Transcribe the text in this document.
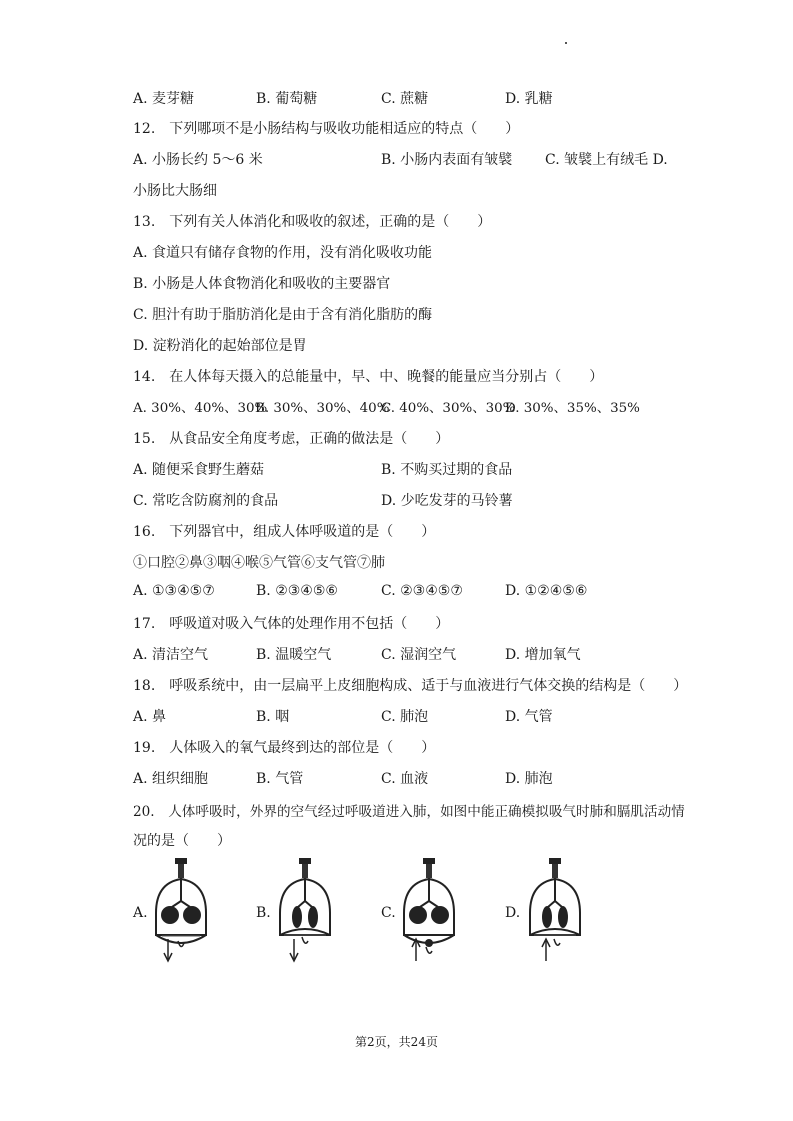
A. 麦芽糖	B. 葡萄糖	C. 蔗糖	D. 乳糖
12.　下列哪项不是小肠结构与吸收功能相适应的特点（　　）
A. 小肠长约 5～6 米	B. 小肠内表面有皱襞 C. 皱襞上有绒毛 D.
小肠比大肠细
13.　下列有关人体消化和吸收的叙述，正确的是（　　）
A. 食道只有储存食物的作用，没有消化吸收功能
B. 小肠是人体食物消化和吸收的主要器官
C. 胆汁有助于脂肪消化是由于含有消化脂肪的酶
D. 淀粉消化的起始部位是胃
14.　在人体每天摄入的总能量中，早、中、晚餐的能量应当分别占（　　）
A. 30%、40%、30%
B. 30%、30%、40%
C. 40%、30%、30%
D. 30%、35%、35%
15.　从食品安全角度考虑，正确的做法是（　　）
A. 随便采食野生蘑菇	B. 不购买过期的食品
C. 常吃含防腐剂的食品	D. 少吃发芽的马铃薯
16.　下列器官中，组成人体呼吸道的是（　　）
①口腔②鼻③咽④喉⑤气管⑥支气管⑦肺
A. ①③④⑤⑦	B. ②③④⑤⑥	C. ②③④⑤⑦	D. ①②④⑤⑥
17.　呼吸道对吸入气体的处理作用不包括（　　）
A. 清洁空气	B. 温暖空气	C. 湿润空气	D. 增加氧气
18.　呼吸系统中，由一层扁平上皮细胞构成、适于与血液进行气体交换的结构是（　　）
A. 鼻	B. 咽	C. 肺泡	D. 气管
19.　人体吸入的氧气最终到达的部位是（　　）
A. 组织细胞	B. 气管	C. 血液	D. 肺泡
20.　人体呼吸时，外界的空气经过呼吸道进入肺，如图中能正确模拟吸气时肺和膈肌活动情
况的是（　　）
A.	B.	C.	D.
第2页，共24页
